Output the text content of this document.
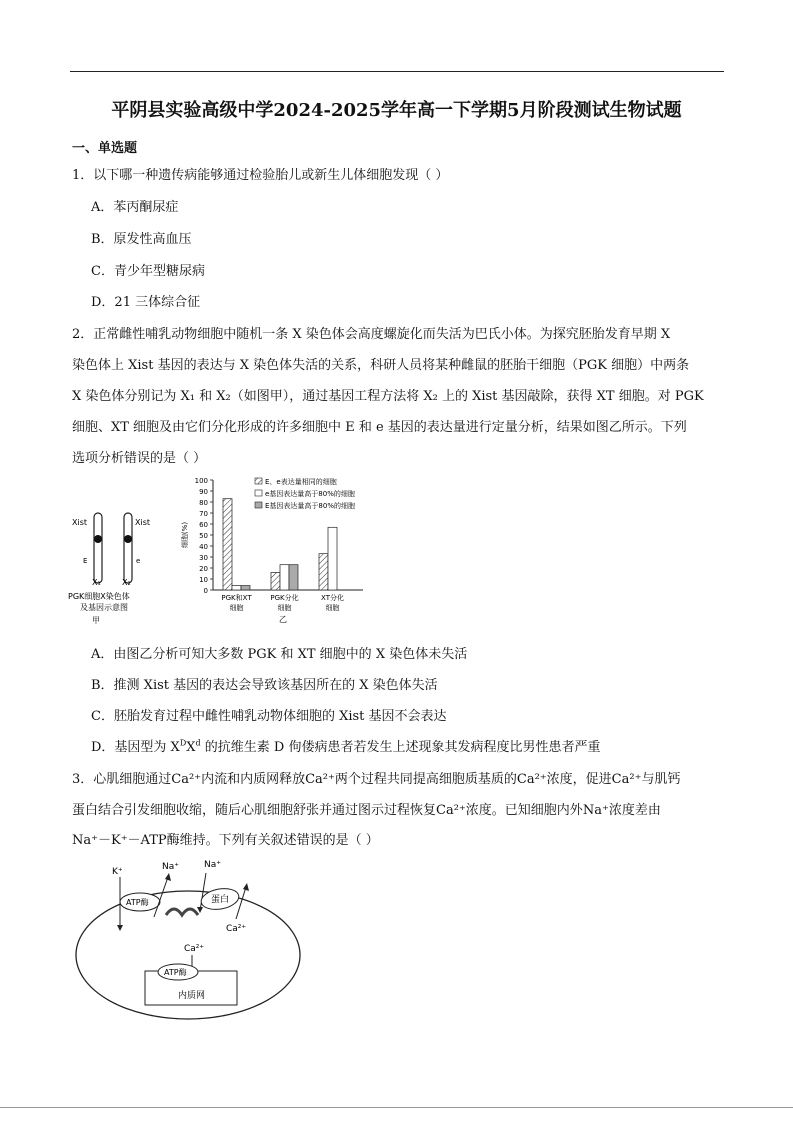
平阴县实验高级中学2024-2025学年高一下学期5月阶段测试生物试题
一、单选题
1．以下哪一种遗传病能够通过检验胎儿或新生儿体细胞发现（ ）
A．苯丙酮尿症
B．原发性高血压
C．青少年型糖尿病
D．21 三体综合征
2．正常雌性哺乳动物细胞中随机一条 X 染色体会高度螺旋化而失活为巴氏小体。为探究胚胎发育早期 X
染色体上 Xist 基因的表达与 X 染色体失活的关系，科研人员将某种雌鼠的胚胎干细胞（PGK 细胞）中两条
X 染色体分别记为 X₁ 和 X₂（如图甲），通过基因工程方法将 X₂ 上的 Xist 基因敲除，获得 XT 细胞。对 PGK
细胞、XT 细胞及由它们分化形成的许多细胞中 E 和 e 基因的表达量进行定量分析，结果如图乙所示。下列
选项分析错误的是（ ）
Xist	Xist
E	e
X₁	X₂
PGK细胞X染色体
及基因示意图
甲
0
10
20
30
40
50
60
70
80
90
100
细胞(%)
PGK和XT
细胞
PGK分化
细胞
XT分化
细胞
E、e表达量相同的细胞
e基因表达量高于80%的细胞
E基因表达量高于80%的细胞
乙
A．由图乙分析可知大多数 PGK 和 XT 细胞中的 X 染色体未失活
B．推测 Xist 基因的表达会导致该基因所在的 X 染色体失活
C．胚胎发育过程中雌性哺乳动物体细胞的 Xist 基因不会表达
D．基因型为 $X^DX^d$ 的抗维生素 D 佝偻病患者若发生上述现象其发病程度比男性患者严重
3．心肌细胞通过Ca²⁺内流和内质网释放Ca²⁺两个过程共同提高细胞质基质的Ca²⁺浓度，促进Ca²⁺与肌钙
蛋白结合引发细胞收缩，随后心肌细胞舒张并通过图示过程恢复Ca²⁺浓度。已知细胞内外Na⁺浓度差由
Na⁺－K⁺－ATP酶维持。下列有关叙述错误的是（ ）
ATP酶
K⁺	Na⁺	Na⁺
蛋白
Ca²⁺
Ca²⁺
ATP酶
内质网
